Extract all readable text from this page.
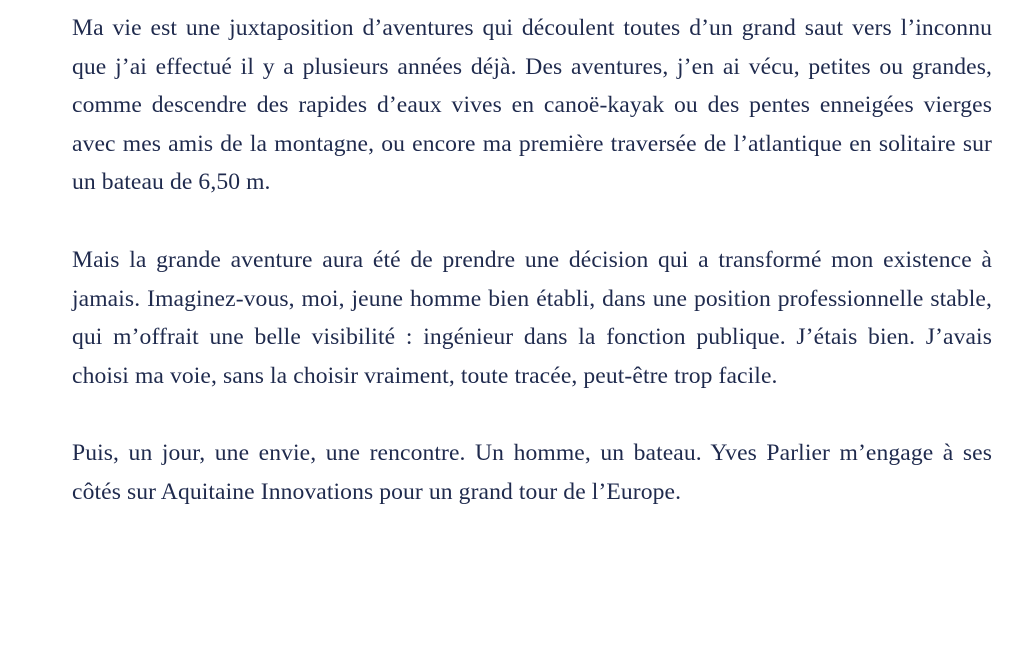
Ma vie est une juxtaposition d’aventures qui découlent toutes d’un grand saut vers l’inconnu que j’ai effectué il y a plusieurs années déjà. Des aventures, j’en ai vécu, petites ou grandes, comme descendre des rapides d’eaux vives en canoë-kayak ou des pentes enneigées vierges avec mes amis de la montagne, ou encore ma première traversée de l’atlantique en solitaire sur un bateau de 6,50 m.

Mais la grande aventure aura été de prendre une décision qui a transformé mon existence à jamais. Imaginez-vous, moi, jeune homme bien établi, dans une position professionnelle stable, qui m’offrait une belle visibilité : ingénieur dans la fonction publique. J’étais bien. J’avais choisi ma voie, sans la choisir vraiment, toute tracée, peut-être trop facile.

Puis, un jour, une envie, une rencontre. Un homme, un bateau. Yves Parlier m’engage à ses côtés sur Aquitaine Innovations pour un grand tour de l’Europe.
